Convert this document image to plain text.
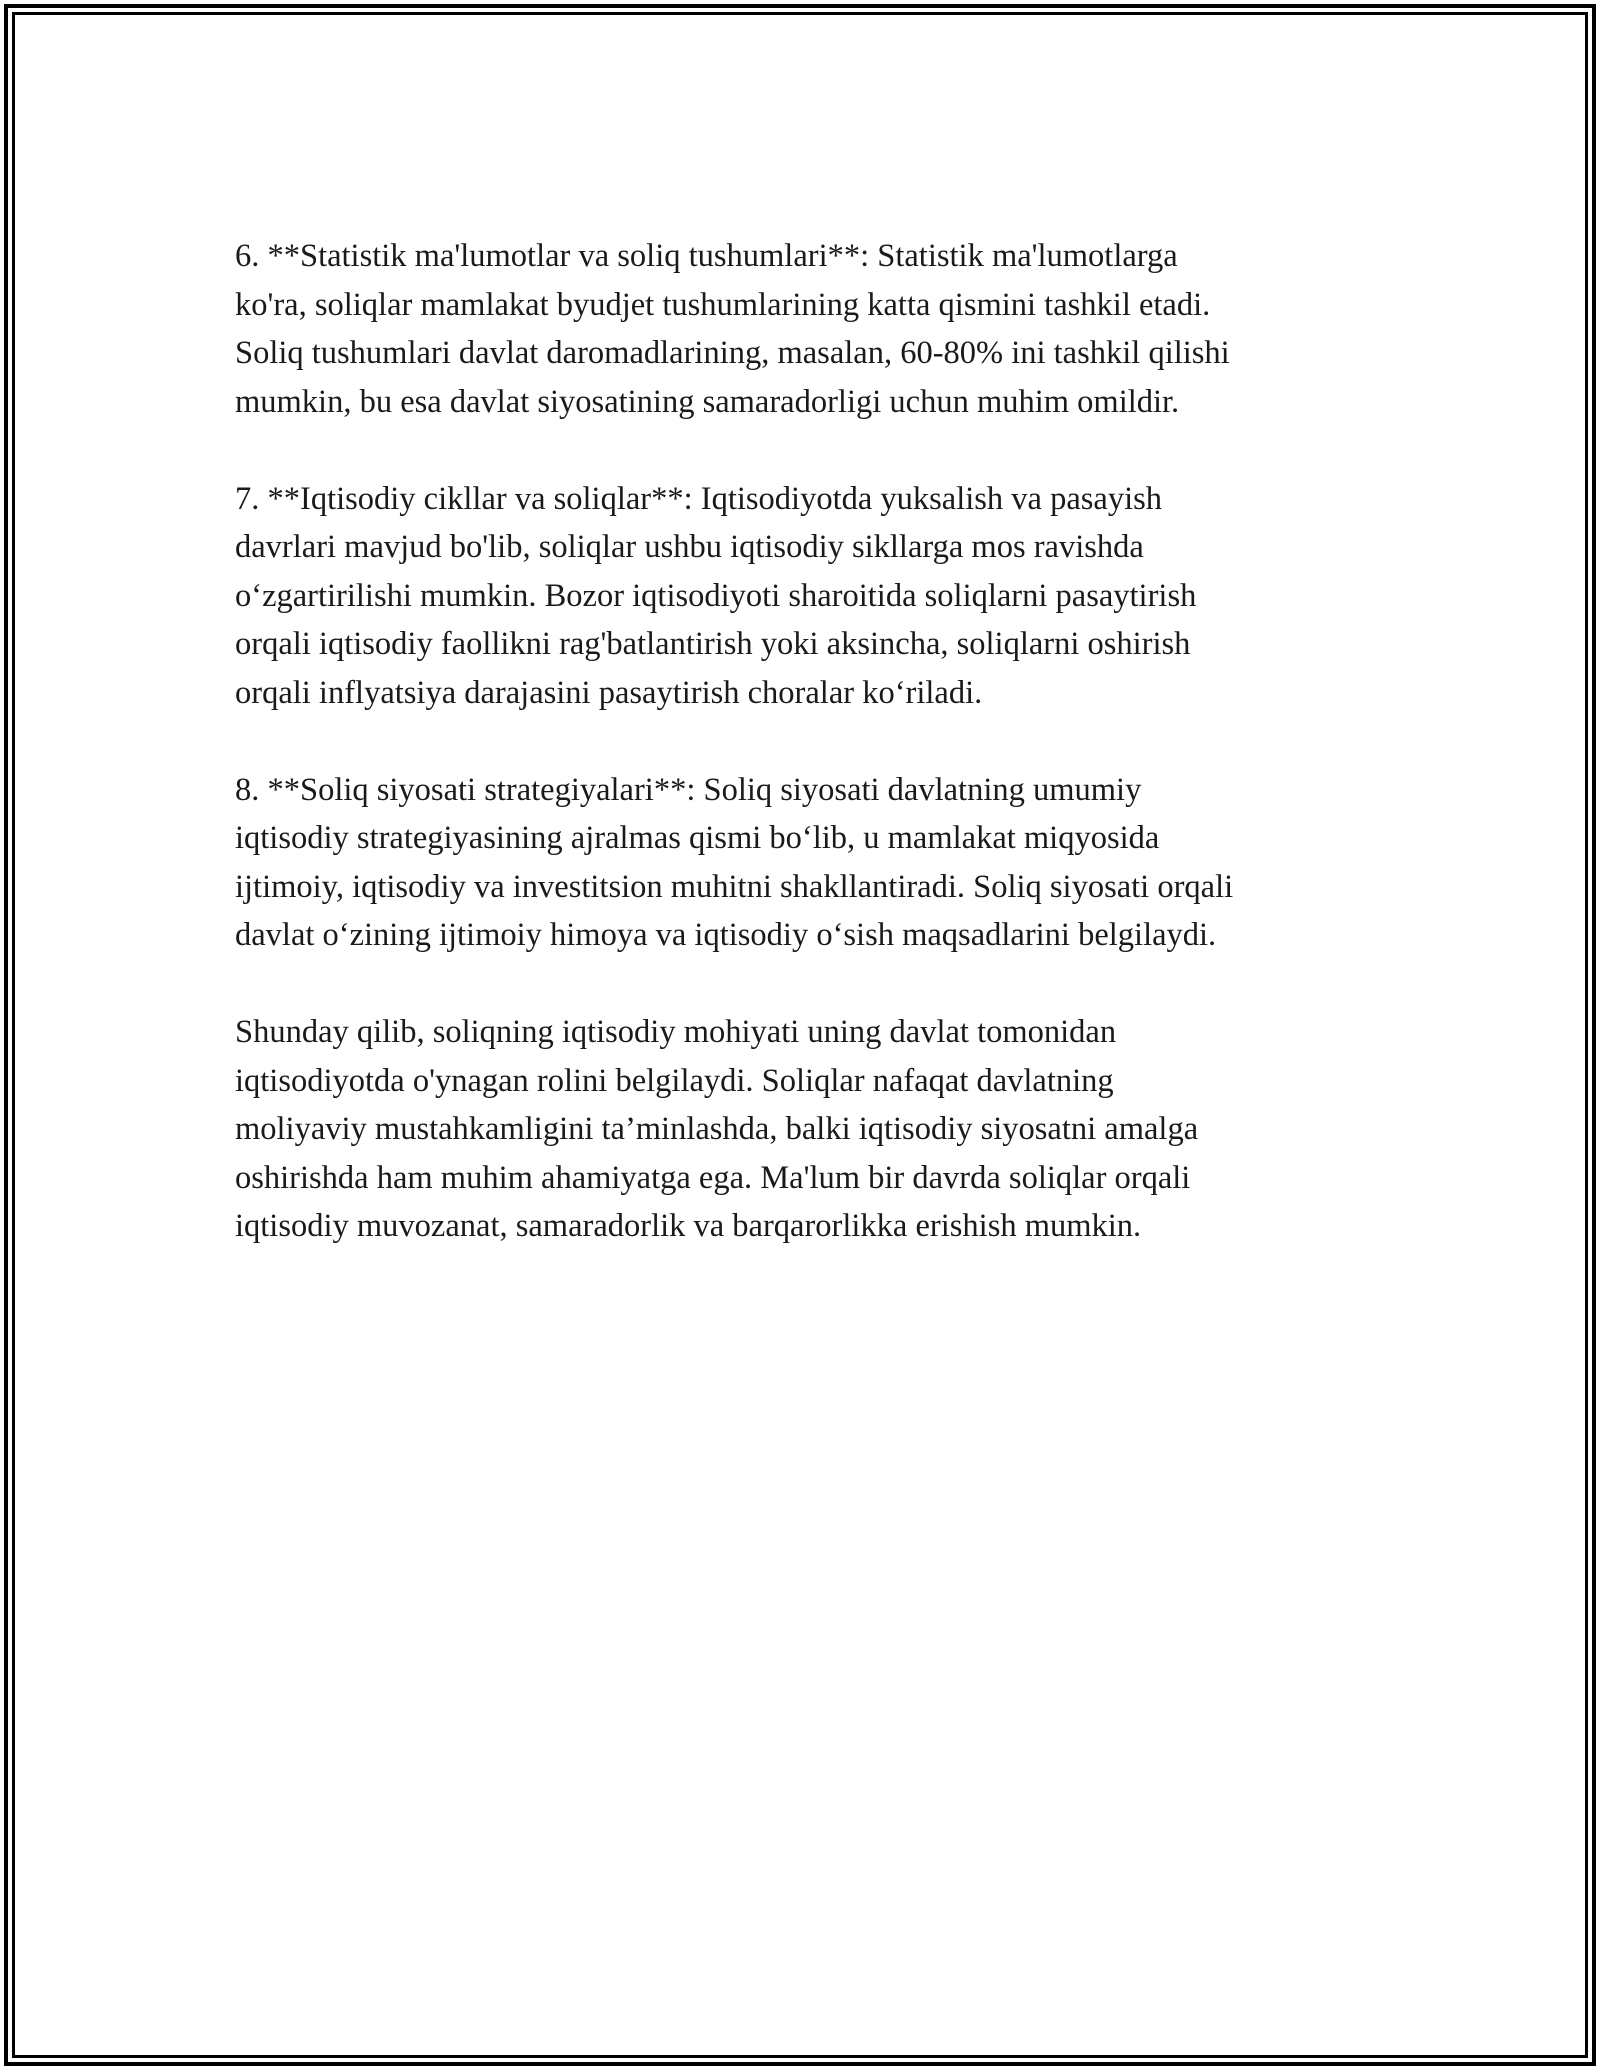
6. **Statistik ma'lumotlar va soliq tushumlari**: Statistik ma'lumotlarga
ko'ra, soliqlar mamlakat byudjet tushumlarining katta qismini tashkil etadi.
Soliq tushumlari davlat daromadlarining, masalan, 60-80% ini tashkil qilishi
mumkin, bu esa davlat siyosatining samaradorligi uchun muhim omildir.

7. **Iqtisodiy cikllar va soliqlar**: Iqtisodiyotda yuksalish va pasayish
davrlari mavjud bo'lib, soliqlar ushbu iqtisodiy sikllarga mos ravishda
o‘zgartirilishi mumkin. Bozor iqtisodiyoti sharoitida soliqlarni pasaytirish
orqali iqtisodiy faollikni rag'batlantirish yoki aksincha, soliqlarni oshirish
orqali inflyatsiya darajasini pasaytirish choralar ko‘riladi.

8. **Soliq siyosati strategiyalari**: Soliq siyosati davlatning umumiy
iqtisodiy strategiyasining ajralmas qismi bo‘lib, u mamlakat miqyosida
ijtimoiy, iqtisodiy va investitsion muhitni shakllantiradi. Soliq siyosati orqali
davlat o‘zining ijtimoiy himoya va iqtisodiy o‘sish maqsadlarini belgilaydi.

Shunday qilib, soliqning iqtisodiy mohiyati uning davlat tomonidan
iqtisodiyotda o'ynagan rolini belgilaydi. Soliqlar nafaqat davlatning
moliyaviy mustahkamligini ta’minlashda, balki iqtisodiy siyosatni amalga
oshirishda ham muhim ahamiyatga ega. Ma'lum bir davrda soliqlar orqali
iqtisodiy muvozanat, samaradorlik va barqarorlikka erishish mumkin.
